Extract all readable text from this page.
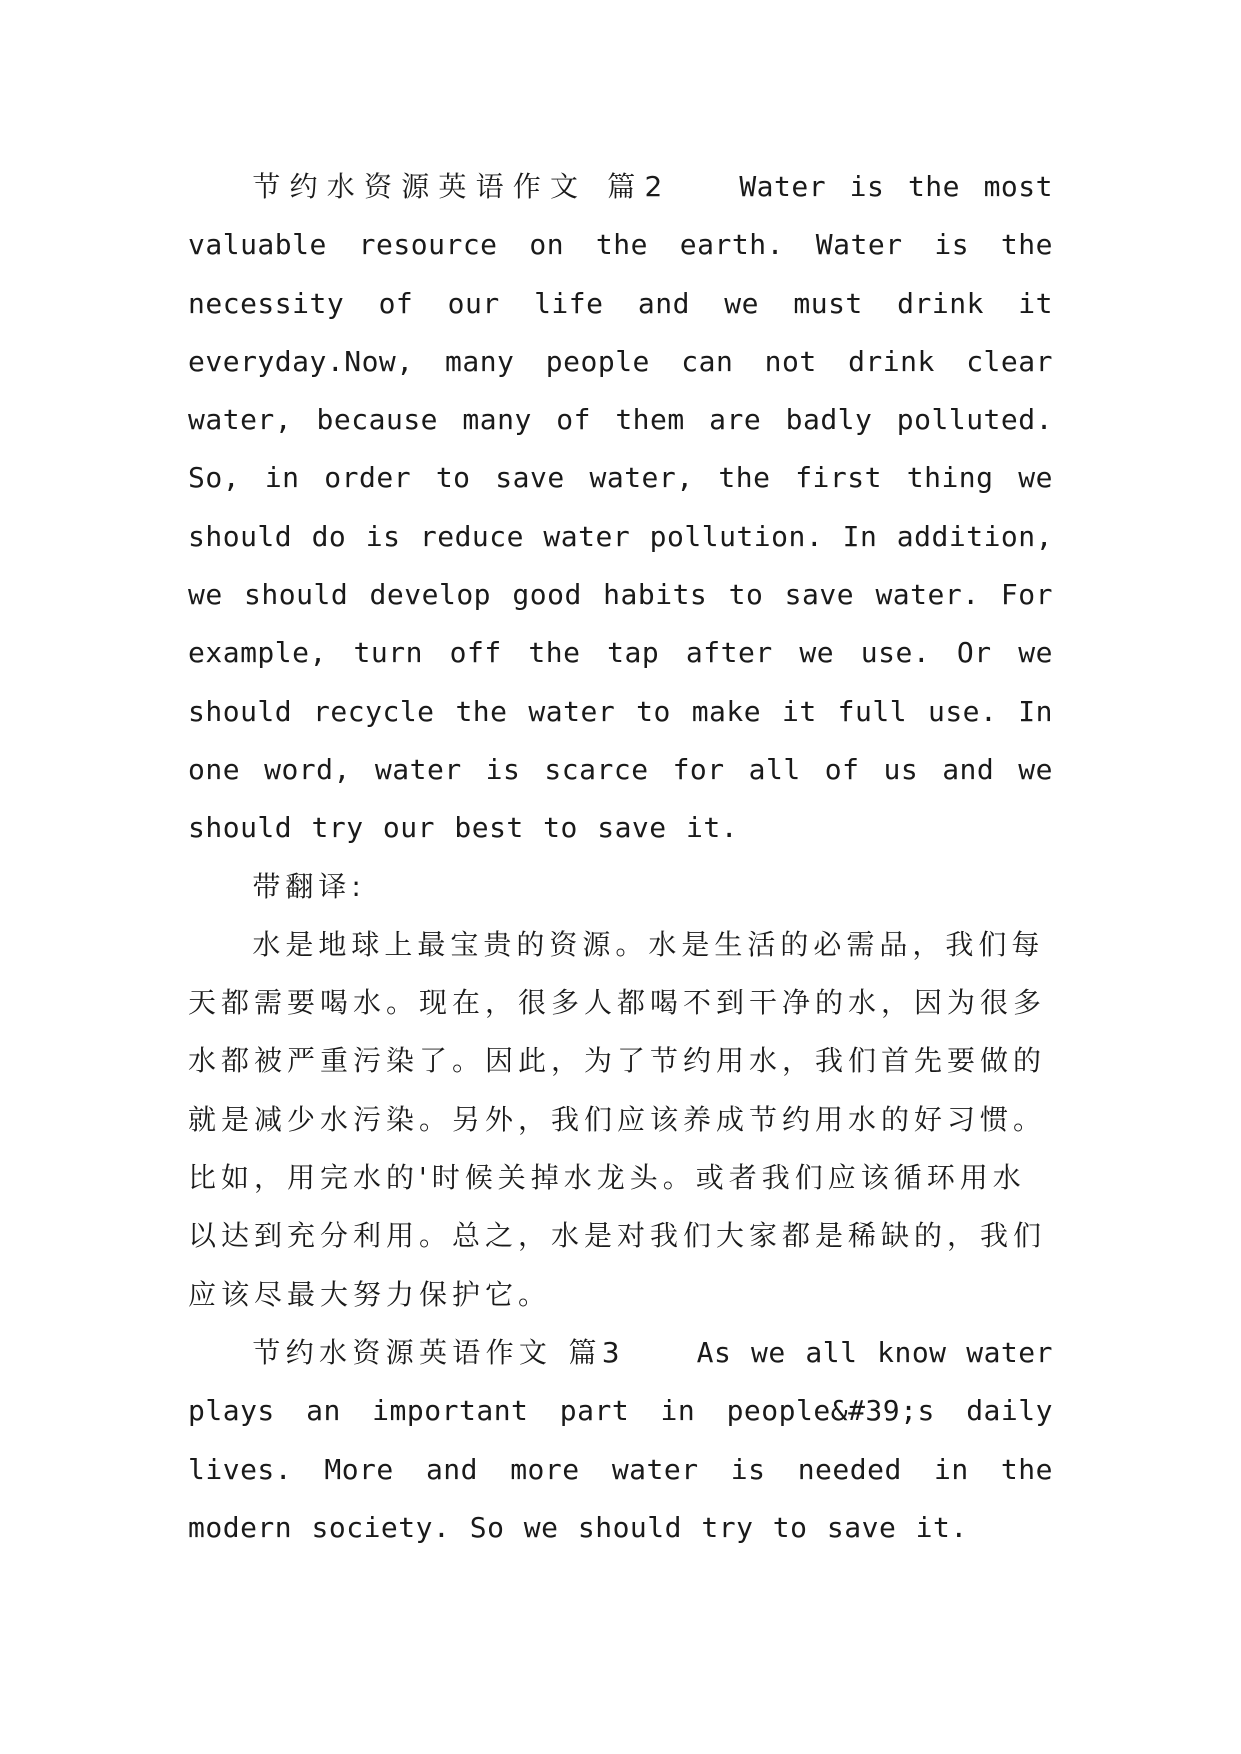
节约水资源英语作文 篇2	Water is the most valuable resource on the earth. Water is the necessity of our life and we must drink it everyday.Now, many people can not drink clear water, because many of them are badly polluted. So, in order to save water, the first thing we should do is reduce water pollution. In addition, we should develop good habits to save water. For example, turn off the tap after we use. Or we should recycle the water to make it full use. In one word, water is scarce for all of us and we should try our best to save it.

带翻译:

水是地球上最宝贵的资源。水是生活的必需品，我们每天都需要喝水。现在，很多人都喝不到干净的水，因为很多水都被严重污染了。因此，为了节约用水，我们首先要做的就是减少水污染。另外，我们应该养成节约用水的好习惯。比如，用完水的'时候关掉水龙头。或者我们应该循环用水以达到充分利用。总之，水是对我们大家都是稀缺的，我们应该尽最大努力保护它。

节约水资源英语作文 篇3	As we all know water plays an important part in people&#39;s daily lives. More and more water is needed in the modern society. So we should try to save it.
